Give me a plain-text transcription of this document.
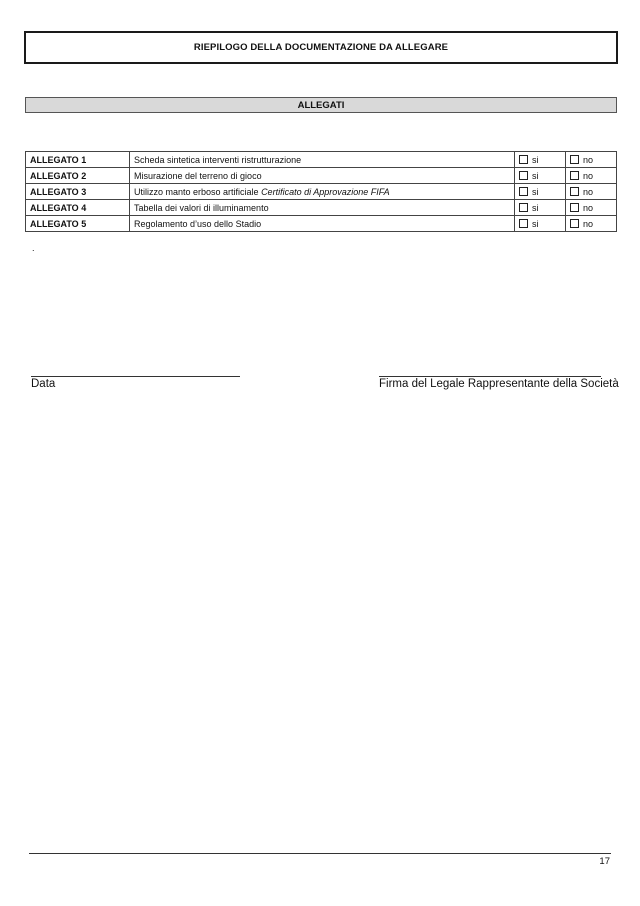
RIEPILOGO DELLA DOCUMENTAZIONE DA ALLEGARE
ALLEGATI
ALLEGATO 1	Scheda sintetica interventi ristrutturazione	si	no
ALLEGATO 2	Misurazione del terreno di gioco	si	no
ALLEGATO 3	Utilizzo manto erboso artificiale Certificato di Approvazione FIFA	si	no
ALLEGATO 4	Tabella dei valori di illuminamento	si	no
ALLEGATO 5	Regolamento d’uso dello Stadio	si	no
.
Data	Firma del Legale Rappresentante della Società
17
